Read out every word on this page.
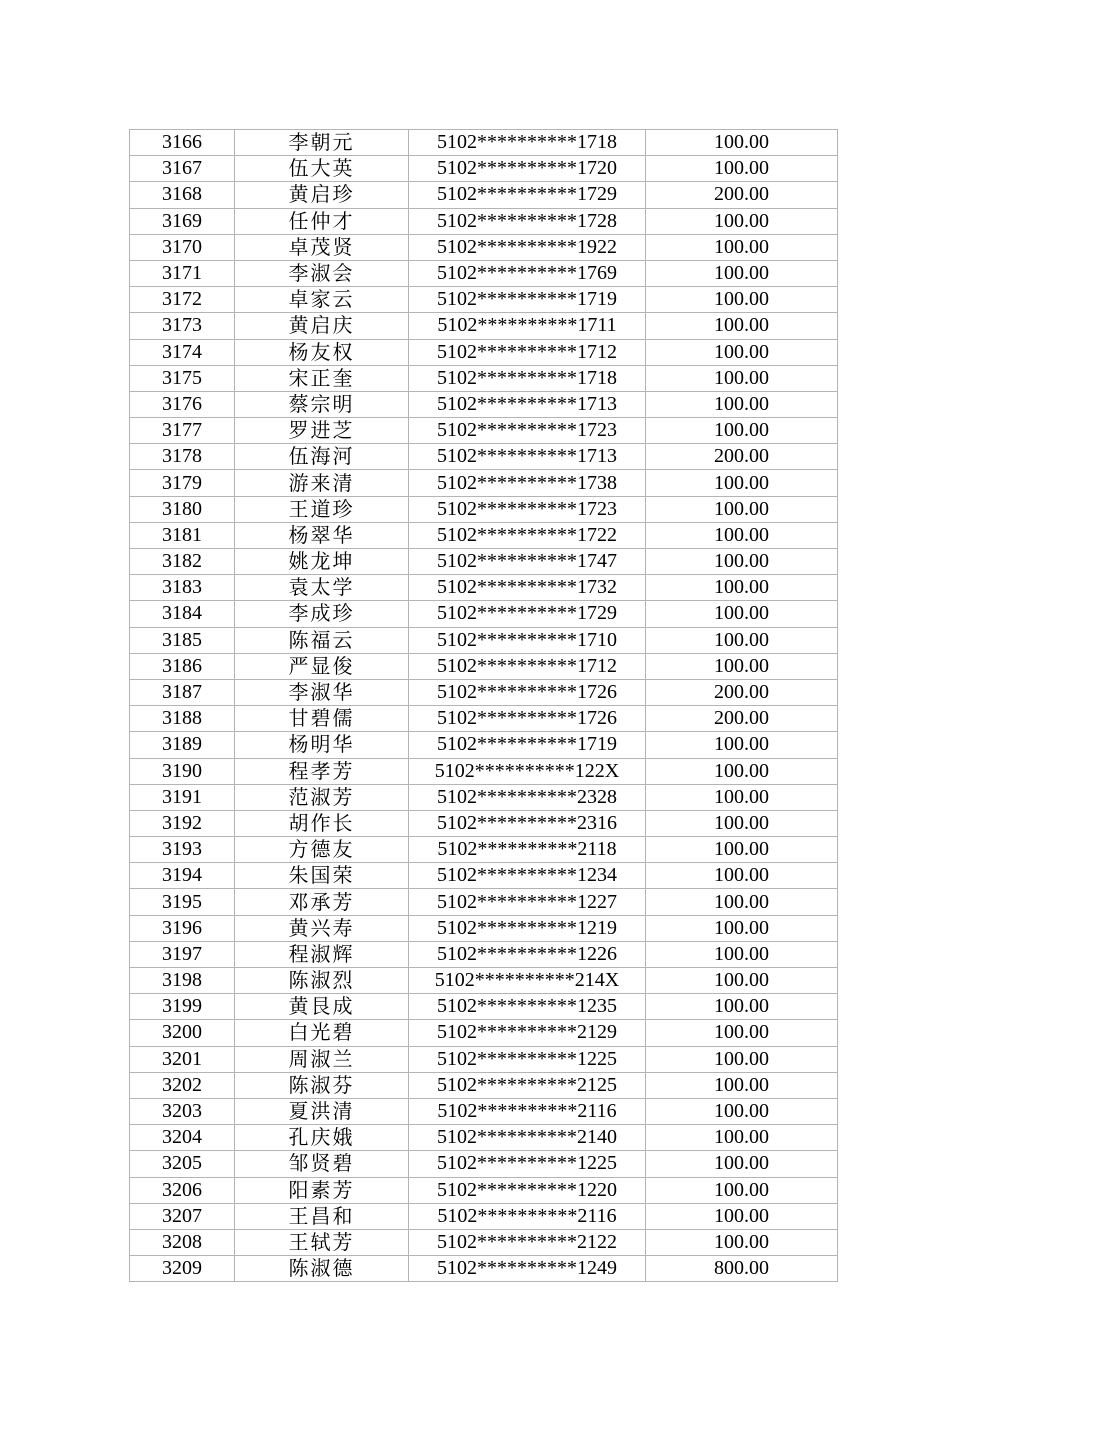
3166	李朝元	5102**********1718	100.00
3167	伍大英	5102**********1720	100.00
3168	黄启珍	5102**********1729	200.00
3169	任仲才	5102**********1728	100.00
3170	卓茂贤	5102**********1922	100.00
3171	李淑会	5102**********1769	100.00
3172	卓家云	5102**********1719	100.00
3173	黄启庆	5102**********1711	100.00
3174	杨友权	5102**********1712	100.00
3175	宋正奎	5102**********1718	100.00
3176	蔡宗明	5102**********1713	100.00
3177	罗进芝	5102**********1723	100.00
3178	伍海河	5102**********1713	200.00
3179	游来清	5102**********1738	100.00
3180	王道珍	5102**********1723	100.00
3181	杨翠华	5102**********1722	100.00
3182	姚龙坤	5102**********1747	100.00
3183	袁太学	5102**********1732	100.00
3184	李成珍	5102**********1729	100.00
3185	陈福云	5102**********1710	100.00
3186	严显俊	5102**********1712	100.00
3187	李淑华	5102**********1726	200.00
3188	甘碧儒	5102**********1726	200.00
3189	杨明华	5102**********1719	100.00
3190	程孝芳	5102**********122X	100.00
3191	范淑芳	5102**********2328	100.00
3192	胡作长	5102**********2316	100.00
3193	方德友	5102**********2118	100.00
3194	朱国荣	5102**********1234	100.00
3195	邓承芳	5102**********1227	100.00
3196	黄兴寿	5102**********1219	100.00
3197	程淑辉	5102**********1226	100.00
3198	陈淑烈	5102**********214X	100.00
3199	黄艮成	5102**********1235	100.00
3200	白光碧	5102**********2129	100.00
3201	周淑兰	5102**********1225	100.00
3202	陈淑芬	5102**********2125	100.00
3203	夏洪清	5102**********2116	100.00
3204	孔庆娥	5102**********2140	100.00
3205	邹贤碧	5102**********1225	100.00
3206	阳素芳	5102**********1220	100.00
3207	王昌和	5102**********2116	100.00
3208	王轼芳	5102**********2122	100.00
3209	陈淑德	5102**********1249	800.00
